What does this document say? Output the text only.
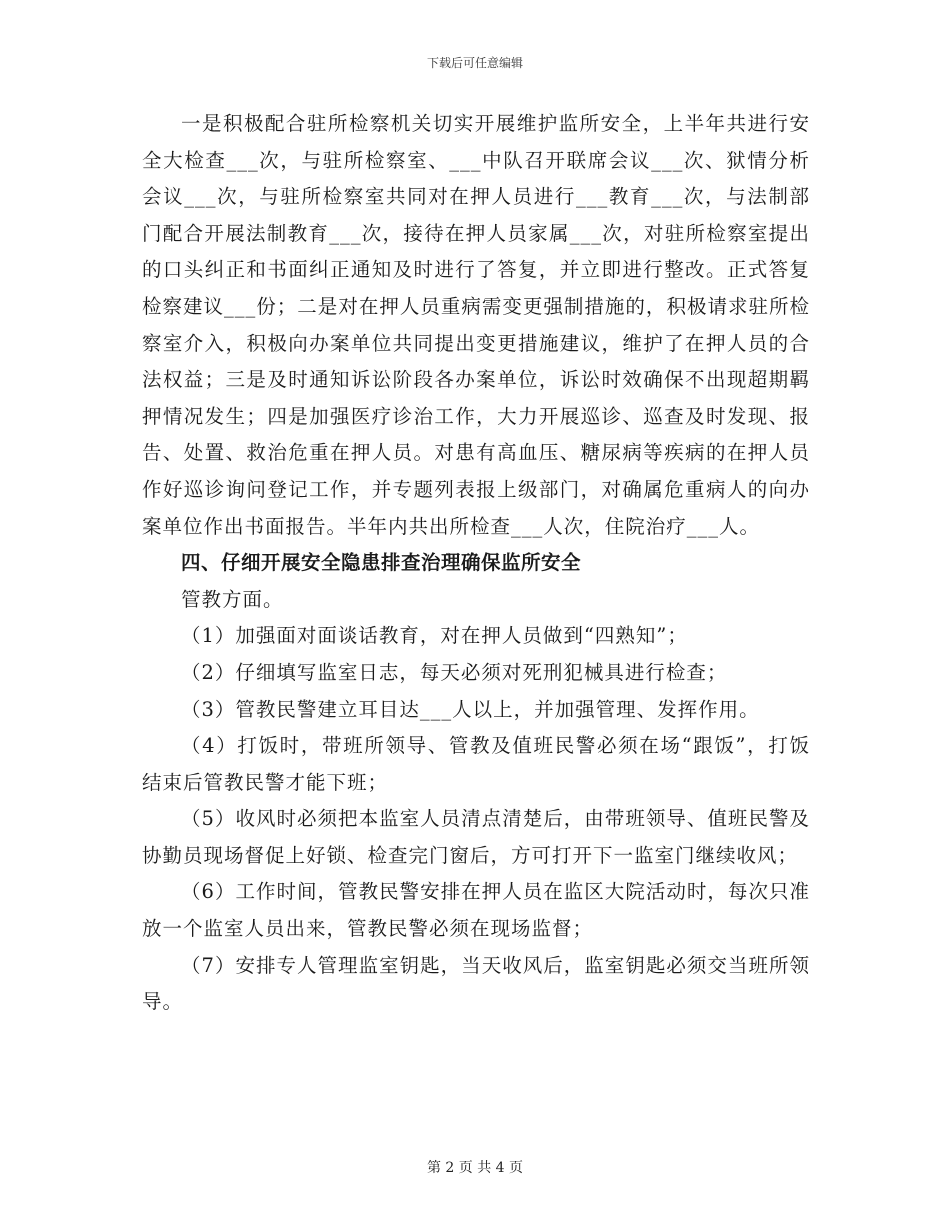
下载后可任意编辑

一是积极配合驻所检察机关切实开展维护监所安全，上半年共进行安全大检查___次，与驻所检察室、___中队召开联席会议___次、狱情分析会议___次，与驻所检察室共同对在押人员进行___教育___次，与法制部门配合开展法制教育___次，接待在押人员家属___次，对驻所检察室提出的口头纠正和书面纠正通知及时进行了答复，并立即进行整改。正式答复检察建议___份；二是对在押人员重病需变更强制措施的，积极请求驻所检察室介入，积极向办案单位共同提出变更措施建议，维护了在押人员的合法权益；三是及时通知诉讼阶段各办案单位，诉讼时效确保不出现超期羁押情况发生；四是加强医疗诊治工作，大力开展巡诊、巡查及时发现、报告、处置、救治危重在押人员。对患有高血压、糖尿病等疾病的在押人员作好巡诊询问登记工作，并专题列表报上级部门，对确属危重病人的向办案单位作出书面报告。半年内共出所检查___人次，住院治疗___人。

四、仔细开展安全隐患排查治理确保监所安全

管教方面。

（1）加强面对面谈话教育，对在押人员做到“四熟知”；

（2）仔细填写监室日志，每天必须对死刑犯械具进行检查；

（3）管教民警建立耳目达___人以上，并加强管理、发挥作用。

（4）打饭时，带班所领导、管教及值班民警必须在场“跟饭”，打饭结束后管教民警才能下班；

（5）收风时必须把本监室人员清点清楚后，由带班领导、值班民警及协勤员现场督促上好锁、检查完门窗后，方可打开下一监室门继续收风；

（6）工作时间，管教民警安排在押人员在监区大院活动时，每次只准放一个监室人员出来，管教民警必须在现场监督；

（7）安排专人管理监室钥匙，当天收风后，监室钥匙必须交当班所领导。

第 2 页 共 4 页
